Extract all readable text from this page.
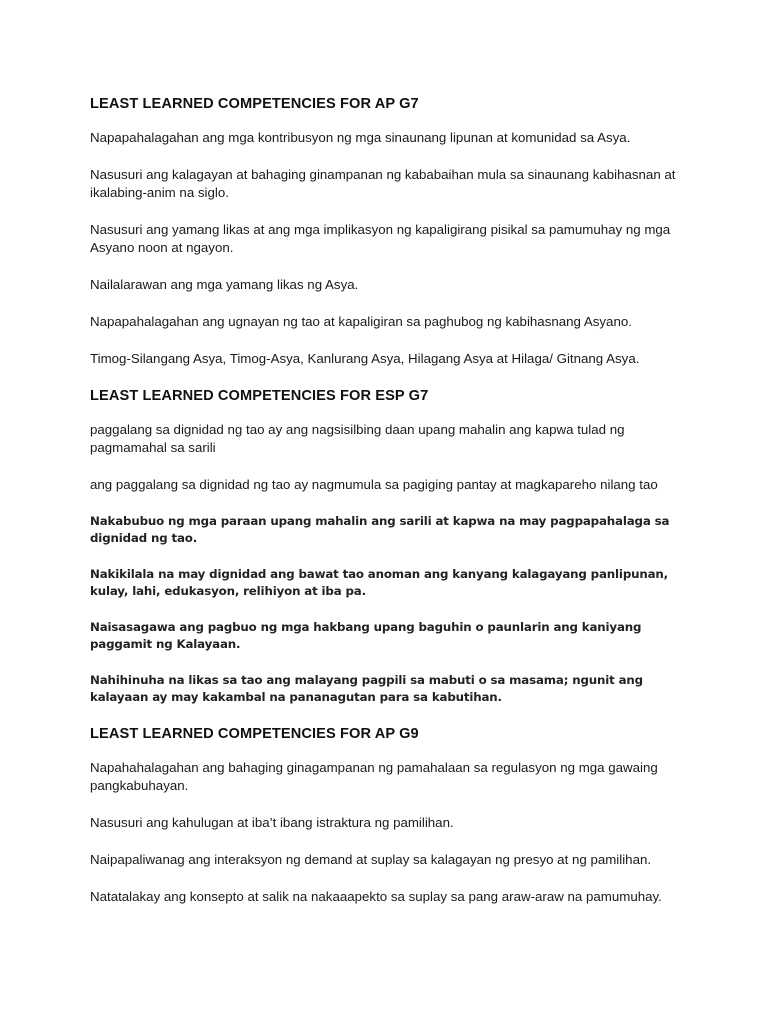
LEAST LEARNED COMPETENCIES FOR AP G7

Napapahalagahan ang mga kontribusyon ng mga sinaunang lipunan at komunidad sa Asya.

Nasusuri ang kalagayan at bahaging ginampanan ng kababaihan mula sa sinaunang kabihasnan at ikalabing-anim na siglo.

Nasusuri ang yamang likas at ang mga implikasyon ng kapaligirang pisikal sa pamumuhay ng mga Asyano noon at ngayon.

Nailalarawan ang mga yamang likas ng Asya.

Napapahalagahan ang ugnayan ng tao at kapaligiran sa paghubog ng kabihasnang Asyano.

Timog-Silangang Asya, Timog-Asya, Kanlurang Asya, Hilagang Asya at Hilaga/ Gitnang Asya.

LEAST LEARNED COMPETENCIES FOR ESP G7

paggalang sa dignidad ng tao ay ang nagsisilbing daan upang mahalin ang kapwa tulad ng pagmamahal sa sarili

ang paggalang sa dignidad ng tao ay nagmumula sa pagiging pantay at magkapareho nilang tao

Nakabubuo ng mga paraan upang mahalin ang sarili at kapwa na may pagpapahalaga sa dignidad ng tao.

Nakikilala na may dignidad ang bawat tao anoman ang kanyang kalagayang panlipunan, kulay, lahi, edukasyon, relihiyon at iba pa.

Naisasagawa ang pagbuo ng mga hakbang upang baguhin o paunlarin ang kaniyang paggamit ng Kalayaan.

Nahihinuha na likas sa tao ang malayang pagpili sa mabuti o sa masama; ngunit ang kalayaan ay may kakambal na pananagutan para sa kabutihan.

LEAST LEARNED COMPETENCIES FOR AP G9

Napahahalagahan ang bahaging ginagampanan ng pamahalaan sa regulasyon ng mga gawaing pangkabuhayan.

Nasusuri ang kahulugan at iba’t ibang istraktura ng pamilihan.

Naipapaliwanag ang interaksyon ng demand at suplay sa kalagayan ng presyo at ng pamilihan.

Natatalakay ang konsepto at salik na nakaaapekto sa suplay sa pang araw-araw na pamumuhay.
